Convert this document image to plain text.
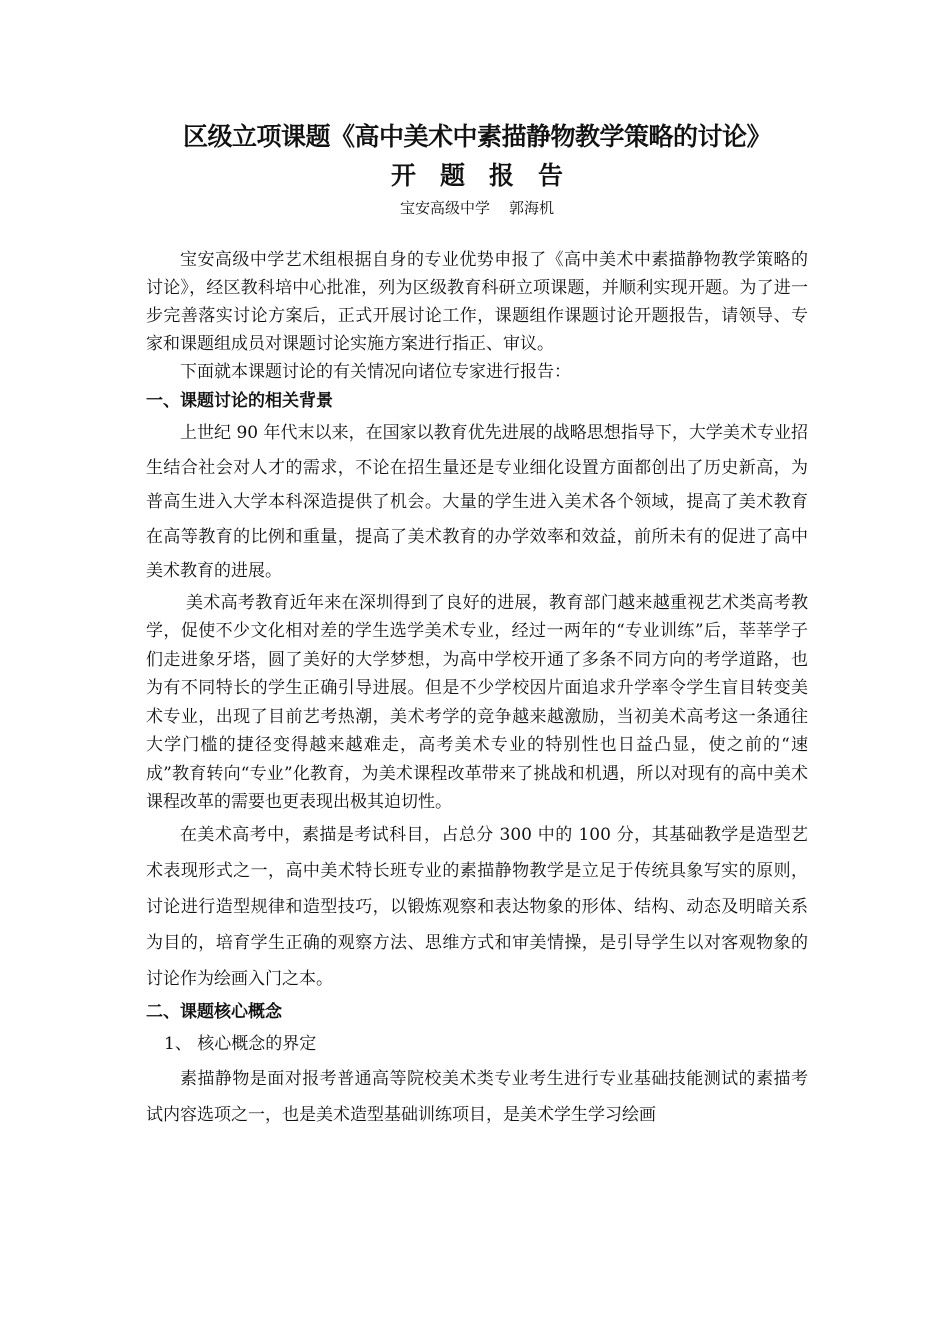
区级立项课题《高中美术中素描静物教学策略的讨论》
开题报告
宝安高级中学    郭海机

宝安高级中学艺术组根据自身的专业优势申报了《高中美术中素描静物教学策略的讨论》，经区教科培中心批准，列为区级教育科研立项课题，并顺利实现开题。为了进一步完善落实讨论方案后，正式开展讨论工作，课题组作课题讨论开题报告，请领导、专家和课题组成员对课题讨论实施方案进行指正、审议。

下面就本课题讨论的有关情况向诸位专家进行报告：

一、课题讨论的相关背景

上世纪 90 年代末以来，在国家以教育优先进展的战略思想指导下，大学美术专业招生结合社会对人才的需求，不论在招生量还是专业细化设置方面都创出了历史新高，为普高生进入大学本科深造提供了机会。大量的学生进入美术各个领域，提高了美术教育在高等教育的比例和重量，提高了美术教育的办学效率和效益，前所未有的促进了高中美术教育的进展。

美术高考教育近年来在深圳得到了良好的进展，教育部门越来越重视艺术类高考教学，促使不少文化相对差的学生选学美术专业，经过一两年的“专业训练”后，莘莘学子们走进象牙塔，圆了美好的大学梦想，为高中学校开通了多条不同方向的考学道路，也为有不同特长的学生正确引导进展。但是不少学校因片面追求升学率令学生盲目转变美术专业，出现了目前艺考热潮，美术考学的竞争越来越激励，当初美术高考这一条通往大学门槛的捷径变得越来越难走，高考美术专业的特别性也日益凸显，使之前的“速成”教育转向“专业”化教育，为美术课程改革带来了挑战和机遇，所以对现有的高中美术课程改革的需要也更表现出极其迫切性。

在美术高考中，素描是考试科目，占总分 300 中的 100 分，其基础教学是造型艺术表现形式之一，高中美术特长班专业的素描静物教学是立足于传统具象写实的原则，讨论进行造型规律和造型技巧，以锻炼观察和表达物象的形体、结构、动态及明暗关系为目的，培育学生正确的观察方法、思维方式和审美情操，是引导学生以对客观物象的讨论作为绘画入门之本。

二、课题核心概念

1、 核心概念的界定

素描静物是面对报考普通高等院校美术类专业考生进行专业基础技能测试的素描考试内容选项之一，也是美术造型基础训练项目，是美术学生学习绘画
